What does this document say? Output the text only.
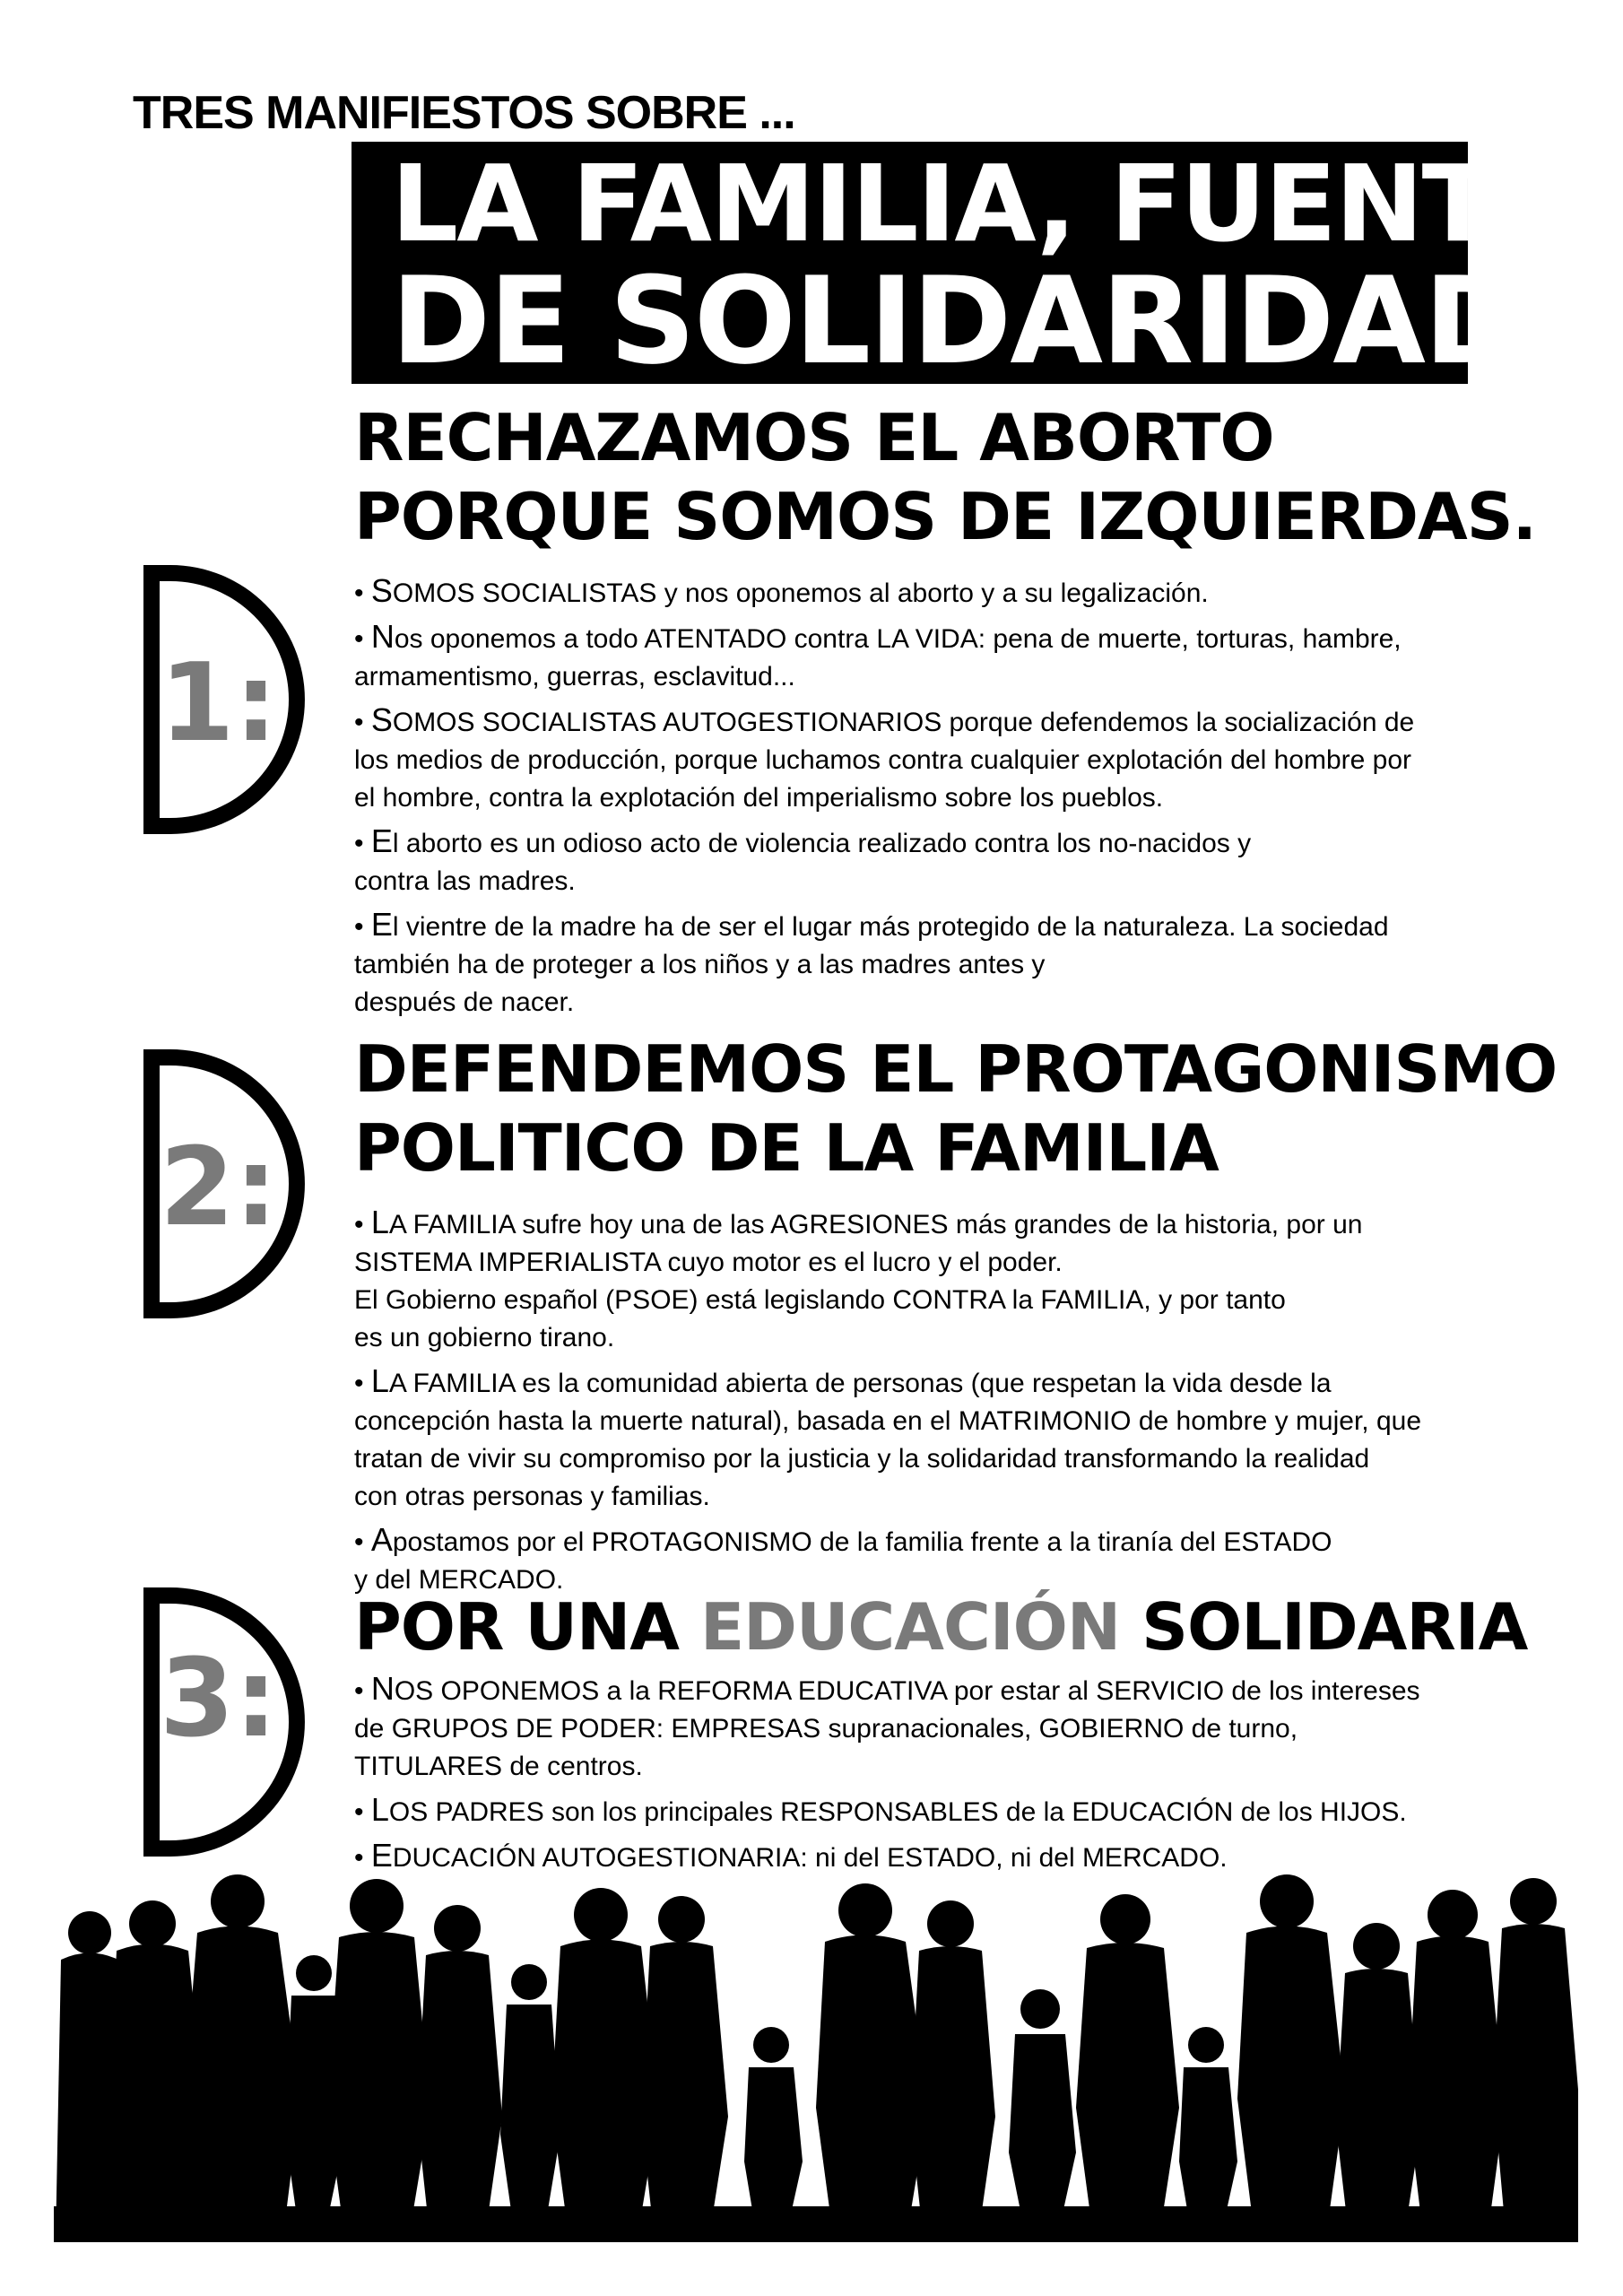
TRES MANIFIESTOS SOBRE ...
LA FAMILIA, FUENTE
DE SOLIDARIDAD
1:
RECHAZAMOS EL ABORTO
PORQUE SOMOS DE IZQUIERDAS.
• SOMOS SOCIALISTAS y nos oponemos al aborto y a su legalización.
• Nos oponemos a todo ATENTADO contra LA VIDA: pena de muerte, torturas, hambre,
armamentismo, guerras, esclavitud...
• SOMOS SOCIALISTAS AUTOGESTIONARIOS porque defendemos la socialización de
los medios de producción, porque luchamos contra cualquier explotación del hombre por
el hombre, contra la explotación del imperialismo sobre los pueblos.
• El aborto es un odioso acto de violencia realizado contra los no-nacidos y
contra las madres.
• El vientre de la madre ha de ser el lugar más protegido de la naturaleza. La sociedad
también ha de proteger a los niños y a las madres antes y
después de nacer.
2:
DEFENDEMOS EL PROTAGONISMO
POLITICO DE LA FAMILIA
• LA FAMILIA sufre hoy una de las AGRESIONES más grandes de la historia, por un
SISTEMA IMPERIALISTA cuyo motor es el lucro y el poder.
El Gobierno español (PSOE) está legislando CONTRA la FAMILIA, y por tanto
es un gobierno tirano.
• LA FAMILIA es la comunidad abierta de personas (que respetan la vida desde la
concepción hasta la muerte natural), basada en el MATRIMONIO de hombre y mujer, que
tratan de vivir su compromiso por la justicia y la solidaridad transformando la realidad
con otras personas y familias.
• Apostamos por el PROTAGONISMO de la familia frente a la tiranía del ESTADO
y del MERCADO.
3:
POR UNA EDUCACIÓN SOLIDARIA
• NOS OPONEMOS a la REFORMA EDUCATIVA por estar al SERVICIO de los intereses
de GRUPOS DE PODER: EMPRESAS supranacionales, GOBIERNO de turno,
TITULARES de centros.
• LOS PADRES son los principales RESPONSABLES de la EDUCACIÓN de los HIJOS.
• EDUCACIÓN AUTOGESTIONARIA: ni del ESTADO, ni del MERCADO.
